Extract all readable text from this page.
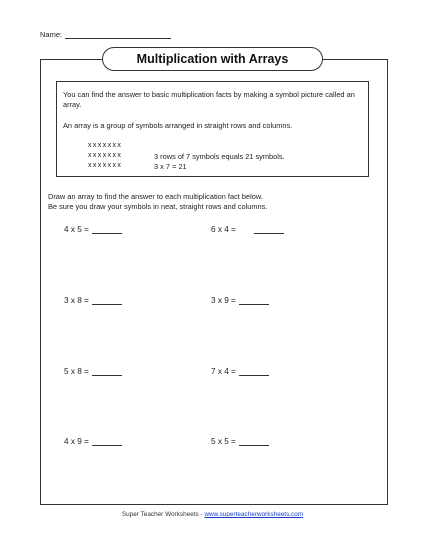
Name:
Multiplication with Arrays
You can find the answer to basic multiplication facts by making a symbol picture called an array.
An array is a group of symbols arranged in straight rows and columns.
xxxxxxx
xxxxxxx
xxxxxxx
3 rows of 7 symbols equals 21 symbols.
3 x 7 = 21
Draw an array to find the answer to each multiplication fact below.
Be sure you draw your symbols in neat, straight rows and columns.
4 x 5 =	6 x 4 =
3 x 8 =	3 x 9 =
5 x 8 =	7 x 4 =
4 x 9 =	5 x 5 =
Super Teacher Worksheets - www.superteacherworksheets.com
